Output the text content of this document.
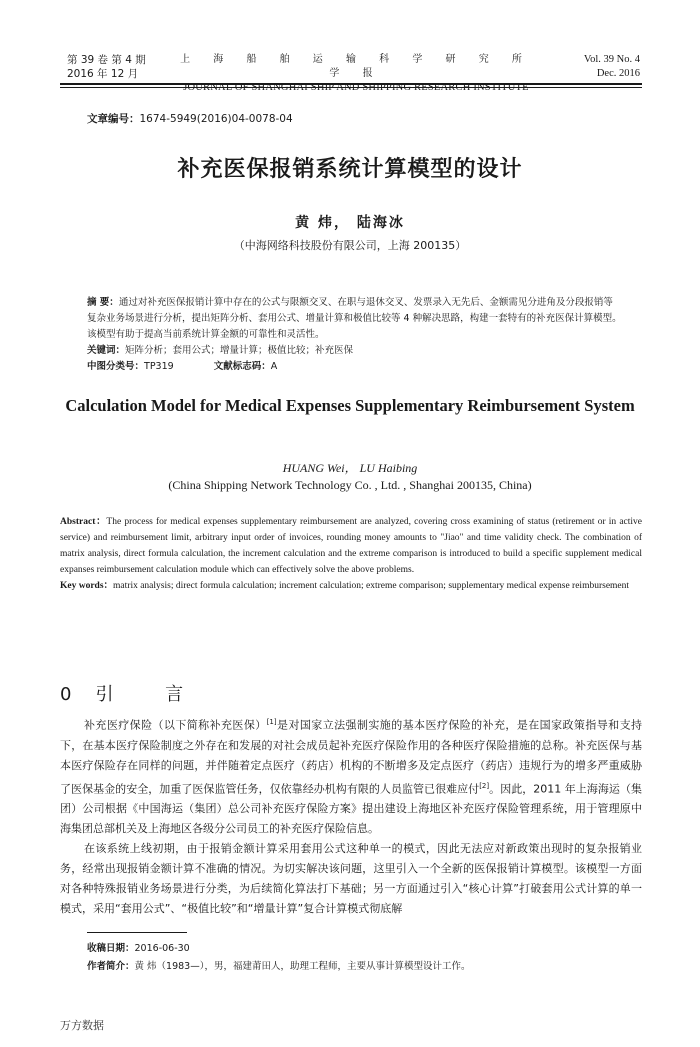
第 39 卷 第 4 期
2016 年 12 月
上 海 船 舶 运 输 科 学 研 究 所 学 报
JOURNAL OF SHANGHAI SHIP AND SHIPPING RESEARCH INSTITUTE
Vol. 39 No. 4
Dec. 2016
文章编号：1674-5949(2016)04-0078-04
补充医保报销系统计算模型的设计
黄 炜， 陆海冰
（中海网络科技股份有限公司，上海 200135）
摘 要：通过对补充医保报销计算中存在的公式与限额交叉、在职与退休交叉、发票录入无先后、金额需见分进角及分段报销等复杂业务场景进行分析，提出矩阵分析、套用公式、增量计算和极值比较等 4 种解决思路，构建一套特有的补充医保计算模型。该模型有助于提高当前系统计算金额的可靠性和灵活性。
关键词：矩阵分析；套用公式；增量计算；极值比较；补充医保
中图分类号：TP319	文献标志码：A
Calculation Model for Medical Expenses Supplementary Reimbursement System
HUANG Wei， LU Haibing
(China Shipping Network Technology Co. , Ltd. , Shanghai 200135, China)
Abstract：The process for medical expenses supplementary reimbursement are analyzed, covering cross examining of status (retirement or in active service) and reimbursement limit, arbitrary input order of invoices, rounding money amounts to "Jiao" and time validity check. The combination of matrix analysis, direct formula calculation, the increment calculation and the extreme comparison is introduced to build a specific supplement medical expanses reimbursement calculation module which can effectively solve the above problems.
Key words：matrix analysis; direct formula calculation; increment calculation; extreme comparison; supplementary medical expense reimbursement
0 引 言

补充医疗保险（以下简称补充医保）[1]是对国家立法强制实施的基本医疗保险的补充，是在国家政策指导和支持下，在基本医疗保险制度之外存在和发展的对社会成员起补充医疗保险作用的各种医疗保险措施的总称。补充医保与基本医疗保险存在同样的问题，并伴随着定点医疗（药店）机构的不断增多及定点医疗（药店）违规行为的增多严重威胁了医保基金的安全，加重了医保监管任务，仅依靠经办机构有限的人员监管已很难应付[2]。因此，2011 年上海海运（集团）公司根据《中国海运（集团）总公司补充医疗保险方案》提出建设上海地区补充医疗保险管理系统，用于管理原中海集团总部机关及上海地区各级分公司员工的补充医疗保险信息。

在该系统上线初期，由于报销金额计算采用套用公式这种单一的模式，因此无法应对新政策出现时的复杂报销业务，经常出现报销金额计算不准确的情况。为切实解决该问题，这里引入一个全新的医保报销计算模型。该模型一方面对各种特殊报销业务场景进行分类，为后续简化算法打下基础；另一方面通过引入“核心计算”打破套用公式计算的单一模式，采用“套用公式”、“极值比较”和“增量计算”复合计算模式彻底解

收稿日期：2016-06-30
作者简介：黄 炜（1983—），男，福建莆田人，助理工程师，主要从事计算模型设计工作。
万方数据
